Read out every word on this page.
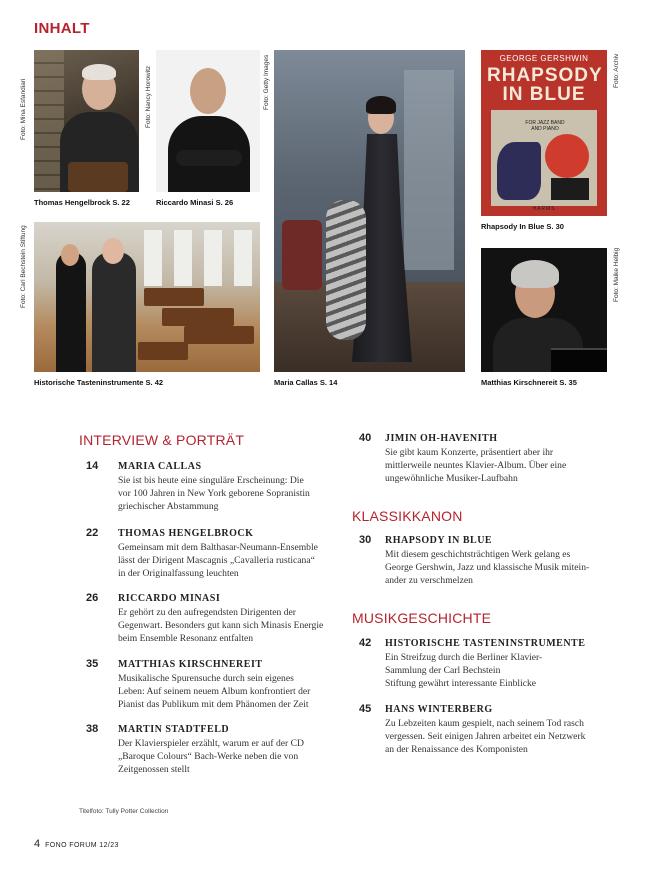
INHALT
Foto: Mina Esfandiari
Thomas Hengelbrock S. 22
Foto: Nancy Horowitz
Riccardo Minasi S. 26
Foto: Getty Images
Maria Callas S. 14
GEORGE GERSHWIN
RHAPSODY
IN BLUE
FOR JAZZ BAND
AND PIANO
HARMS
Foto: Archiv
Rhapsody In Blue S. 30
Foto: Carl Bechstein Stiftung
Historische Tasteninstrumente S. 42
Foto: Maike Helbig
Matthias Kirschnereit S. 35
INTERVIEW & PORTRÄT
14	MARIA CALLAS
Sie ist bis heute eine singuläre Erscheinung: Die
vor 100 Jahren in New York geborene Sopranistin
griechischer Abstammung
22	THOMAS HENGELBROCK
Gemeinsam mit dem Balthasar-Neumann-Ensemble
lässt der Dirigent Mascagnis „Cavalleria rusticana“
in der Originalfassung leuchten
26	RICCARDO MINASI
Er gehört zu den aufregendsten Dirigenten der
Gegenwart. Besonders gut kann sich Minasis Energie
beim Ensemble Resonanz entfalten
35	MATTHIAS KIRSCHNEREIT
Musikalische Spurensuche durch sein eigenes
Leben: Auf seinem neuem Album konfrontiert der
Pianist das Publikum mit dem Phänomen der Zeit
38	MARTIN STADTFELD
Der Klavierspieler erzählt, warum er auf der CD
„Baroque Colours“ Bach-Werke neben die von
Zeitgenossen stellt
40	JIMIN OH-HAVENITH
Sie gibt kaum Konzerte, präsentiert aber ihr
mittlerweile neuntes Klavier-Album. Über eine
ungewöhnliche Musiker-Laufbahn
KLASSIKKANON
30	RHAPSODY IN BLUE
Mit diesem geschichtsträchtigen Werk gelang es
George Gershwin, Jazz und klassische Musik mitein-
ander zu verschmelzen
MUSIKGESCHICHTE
42	HISTORISCHE TASTENINSTRUMENTE
Ein Streifzug durch die Berliner Klavier-
Sammlung der Carl Bechstein
Stiftung gewährt interessante Einblicke
45	HANS WINTERBERG
Zu Lebzeiten kaum gespielt, nach seinem Tod rasch
vergessen. Seit einigen Jahren arbeitet ein Netzwerk
an der Renaissance des Komponisten
Titelfoto: Tully Potter Collection
4 FONO FORUM 12/23
